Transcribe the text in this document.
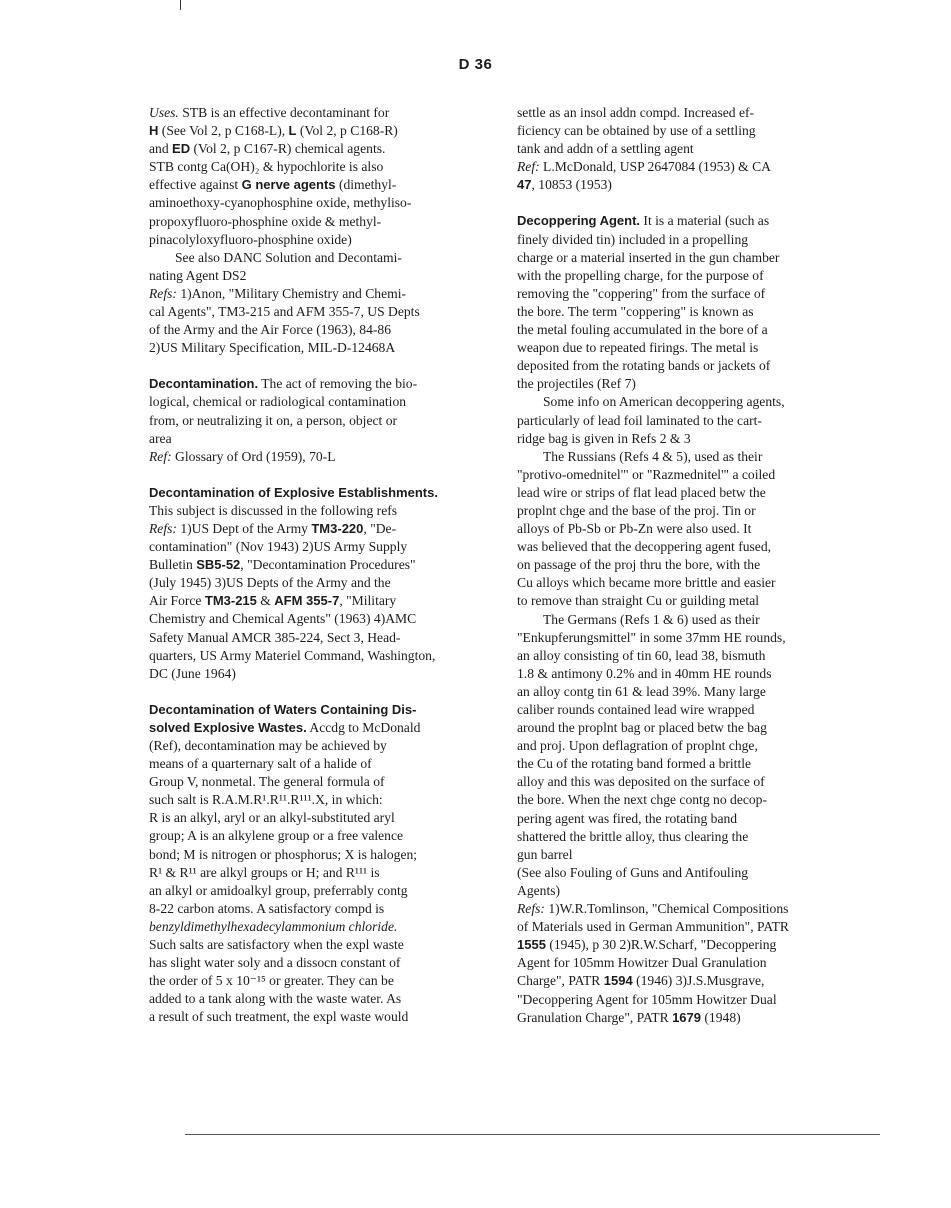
D 36
Uses. STB is an effective decontaminant for
H (See Vol 2, p C168-L), L (Vol 2, p C168-R)
and ED (Vol 2, p C167-R) chemical agents.
STB contg Ca(OH)₂ & hypochlorite is also
effective against G nerve agents (dimethyl-
aminoethoxy-cyanophosphine oxide, methyliso-
propoxyfluoro-phosphine oxide & methyl-
pinacolyloxyfluoro-phosphine oxide)
See also DANC Solution and Decontami-
nating Agent DS2
Refs: 1)Anon, "Military Chemistry and Chemi-
cal Agents", TM3-215 and AFM 355-7, US Depts
of the Army and the Air Force (1963), 84-86
2)US Military Specification, MIL-D-12468A
Decontamination. The act of removing the bio-
logical, chemical or radiological contamination
from, or neutralizing it on, a person, object or
area
Ref: Glossary of Ord (1959), 70-L
Decontamination of Explosive Establishments.
This subject is discussed in the following refs
Refs: 1)US Dept of the Army TM3-220, "De-
contamination" (Nov 1943) 2)US Army Supply
Bulletin SB5-52, "Decontamination Procedures"
(July 1945) 3)US Depts of the Army and the
Air Force TM3-215 & AFM 355-7, "Military
Chemistry and Chemical Agents" (1963) 4)AMC
Safety Manual AMCR 385-224, Sect 3, Head-
quarters, US Army Materiel Command, Washington,
DC (June 1964)
Decontamination of Waters Containing Dis-
solved Explosive Wastes. Accdg to McDonald
(Ref), decontamination may be achieved by
means of a quarternary salt of a halide of
Group V, nonmetal. The general formula of
such salt is R.A.M.R¹.R¹¹.R¹¹¹.X, in which:
R is an alkyl, aryl or an alkyl-substituted aryl
group; A is an alkylene group or a free valence
bond; M is nitrogen or phosphorus; X is halogen;
R¹ & R¹¹ are alkyl groups or H; and R¹¹¹ is
an alkyl or amidoalkyl group, preferrably contg
8-22 carbon atoms. A satisfactory compd is
benzyldimethylhexadecylammonium chloride.
Such salts are satisfactory when the expl waste
has slight water soly and a dissocn constant of
the order of 5 x 10⁻¹⁵ or greater. They can be
added to a tank along with the waste water. As
a result of such treatment, the expl waste would
settle as an insol addn compd. Increased ef-
ficiency can be obtained by use of a settling
tank and addn of a settling agent
Ref: L.McDonald, USP 2647084 (1953) & CA
47, 10853 (1953)
Decoppering Agent. It is a material (such as
finely divided tin) included in a propelling
charge or a material inserted in the gun chamber
with the propelling charge, for the purpose of
removing the "coppering" from the surface of
the bore. The term "coppering" is known as
the metal fouling accumulated in the bore of a
weapon due to repeated firings. The metal is
deposited from the rotating bands or jackets of
the projectiles (Ref 7)
Some info on American decoppering agents,
particularly of lead foil laminated to the cart-
ridge bag is given in Refs 2 & 3
The Russians (Refs 4 & 5), used as their
"protivo-omednitel'" or "Razmednitel'" a coiled
lead wire or strips of flat lead placed betw the
proplnt chge and the base of the proj. Tin or
alloys of Pb-Sb or Pb-Zn were also used. It
was believed that the decoppering agent fused,
on passage of the proj thru the bore, with the
Cu alloys which became more brittle and easier
to remove than straight Cu or guilding metal
The Germans (Refs 1 & 6) used as their
"Enkupferungsmittel" in some 37mm HE rounds,
an alloy consisting of tin 60, lead 38, bismuth
1.8 & antimony 0.2% and in 40mm HE rounds
an alloy contg tin 61 & lead 39%. Many large
caliber rounds contained lead wire wrapped
around the proplnt bag or placed betw the bag
and proj. Upon deflagration of proplnt chge,
the Cu of the rotating band formed a brittle
alloy and this was deposited on the surface of
the bore. When the next chge contg no decop-
pering agent was fired, the rotating band
shattered the brittle alloy, thus clearing the
gun barrel
(See also Fouling of Guns and Antifouling
Agents)
Refs: 1)W.R.Tomlinson, "Chemical Compositions
of Materials used in German Ammunition", PATR
1555 (1945), p 30 2)R.W.Scharf, "Decoppering
Agent for 105mm Howitzer Dual Granulation
Charge", PATR 1594 (1946) 3)J.S.Musgrave,
"Decoppering Agent for 105mm Howitzer Dual
Granulation Charge", PATR 1679 (1948)
